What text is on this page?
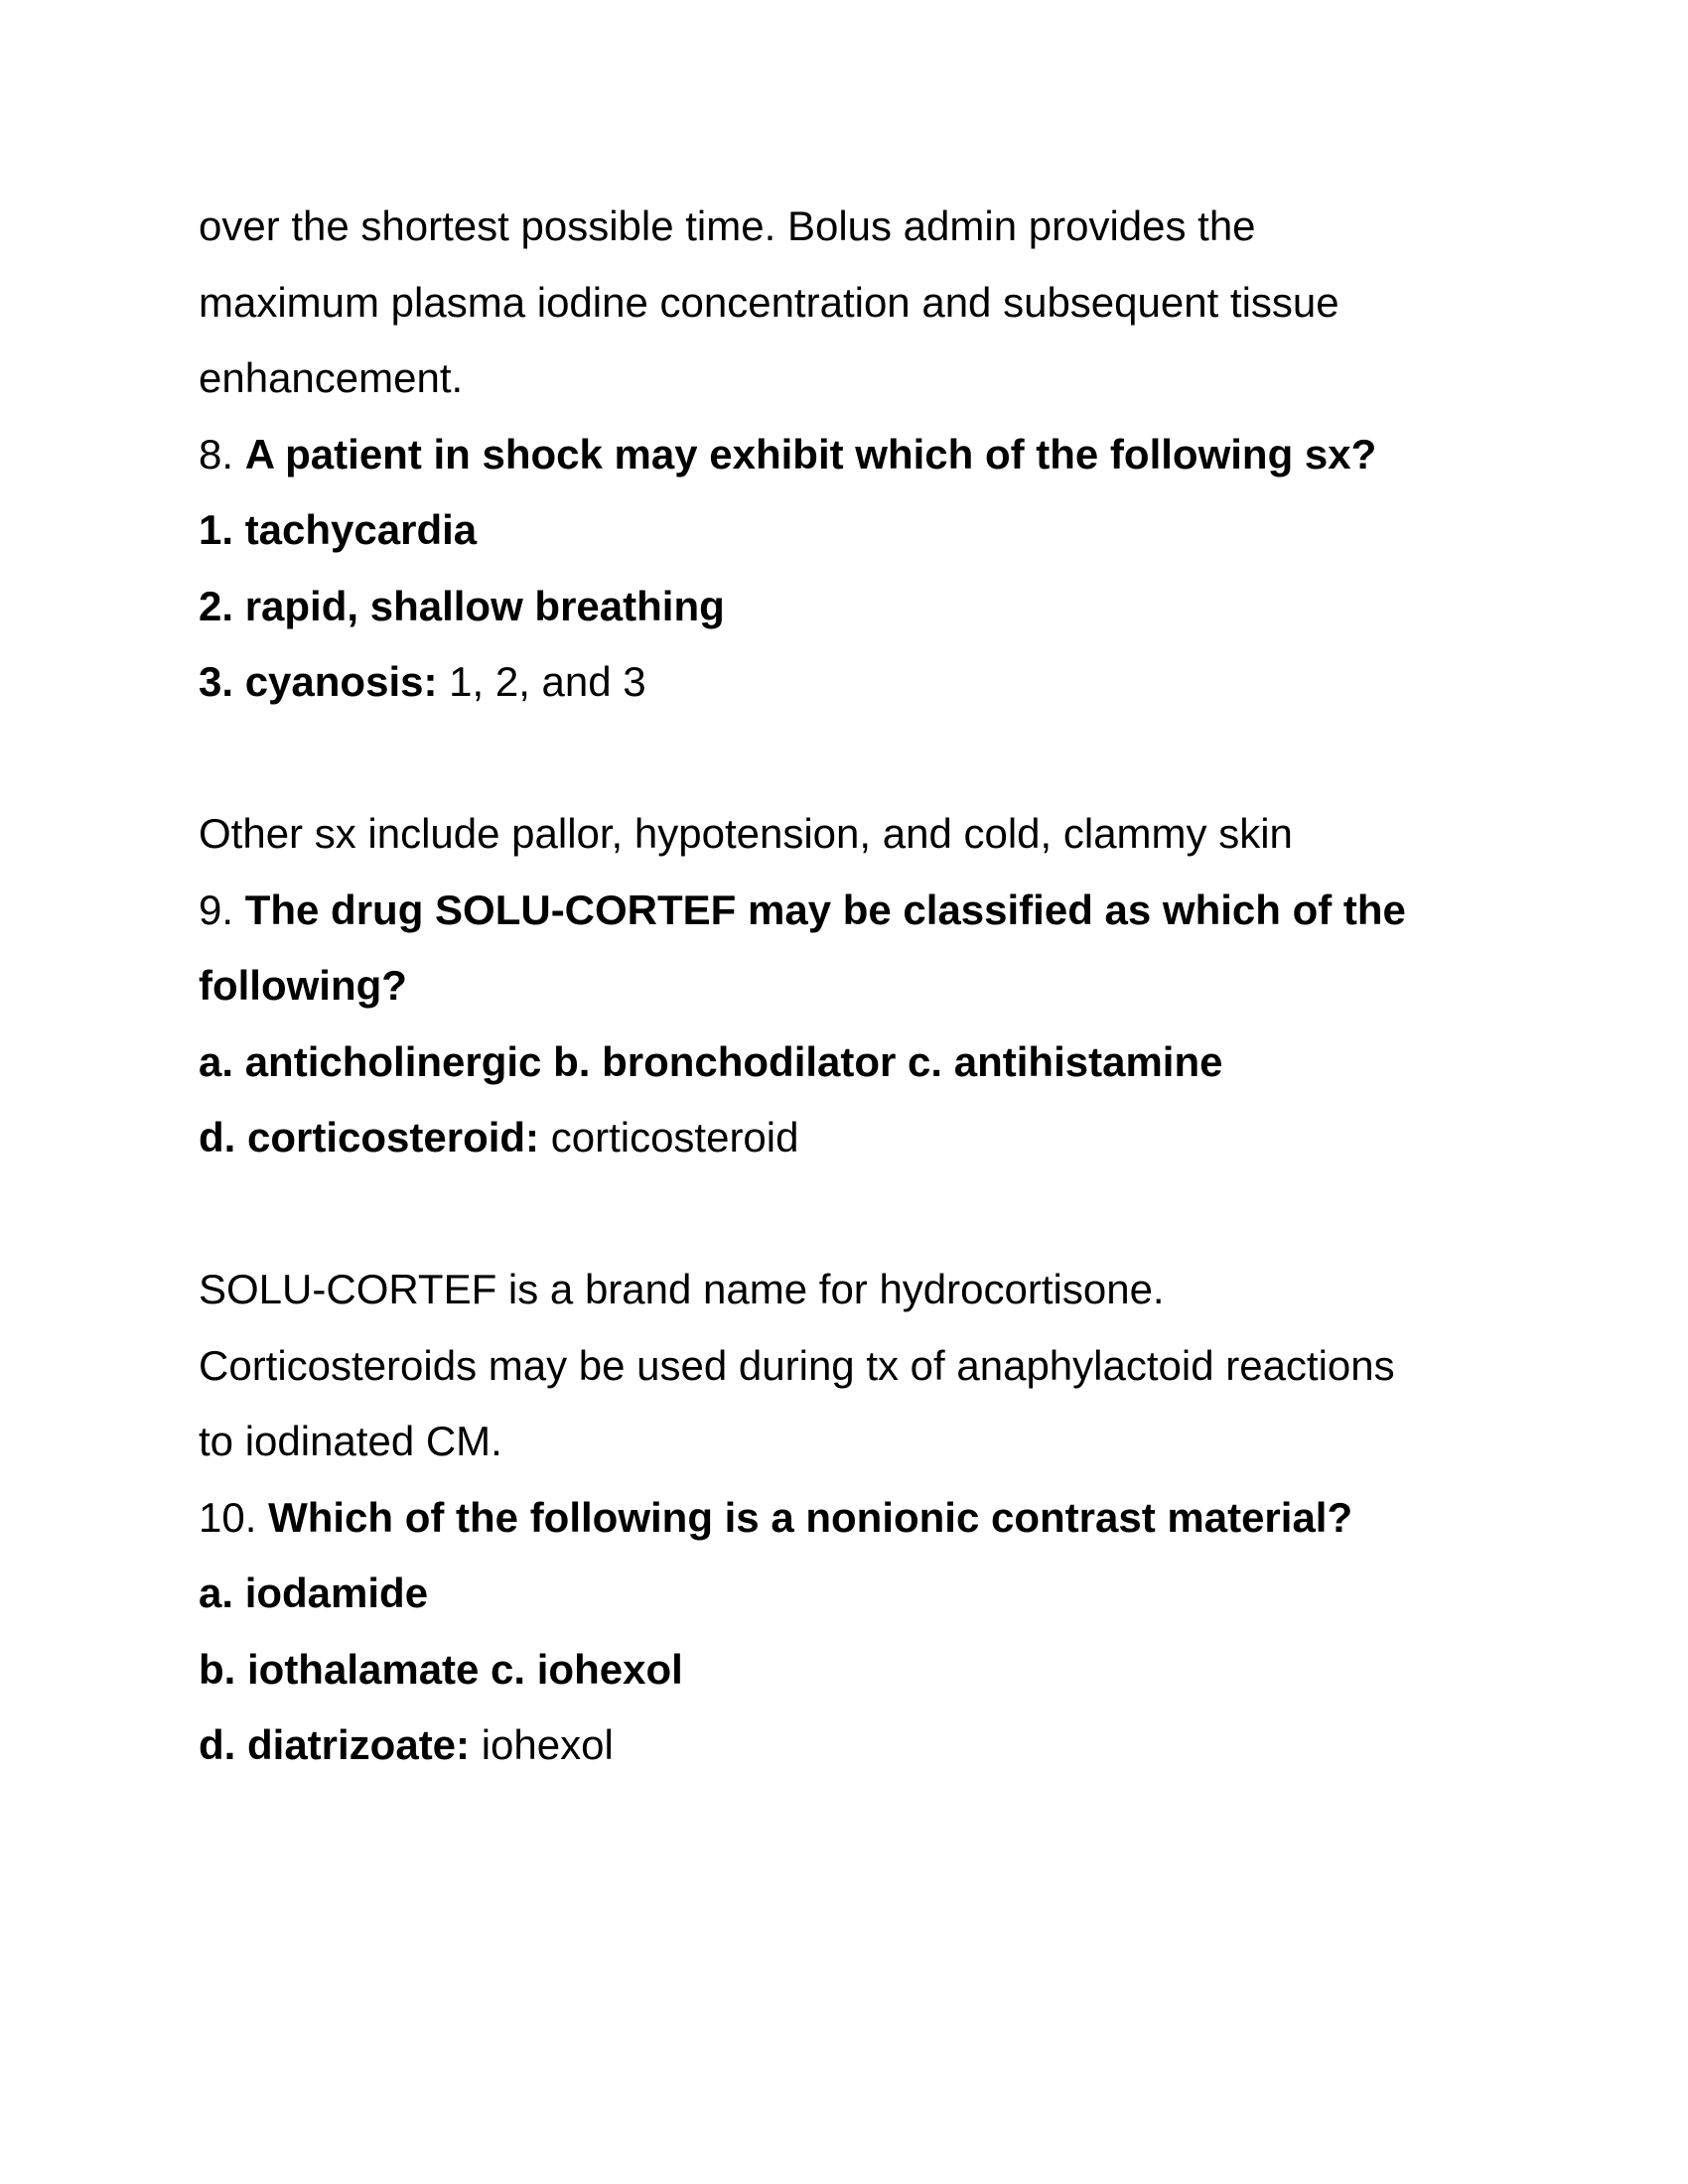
over the shortest possible time. Bolus admin provides the
maximum plasma iodine concentration and subsequent tissue
enhancement.
8. A patient in shock may exhibit which of the following sx?
1. tachycardia
2. rapid, shallow breathing
3. cyanosis: 1, 2, and 3
Other sx include pallor, hypotension, and cold, clammy skin
9. The drug SOLU-CORTEF may be classified as which of the
following?
a. anticholinergic b. bronchodilator c. antihistamine
d. corticosteroid: corticosteroid
SOLU-CORTEF is a brand name for hydrocortisone.
Corticosteroids may be used during tx of anaphylactoid reactions
to iodinated CM.
10. Which of the following is a nonionic contrast material?
a. iodamide
b. iothalamate c. iohexol
d. diatrizoate: iohexol
